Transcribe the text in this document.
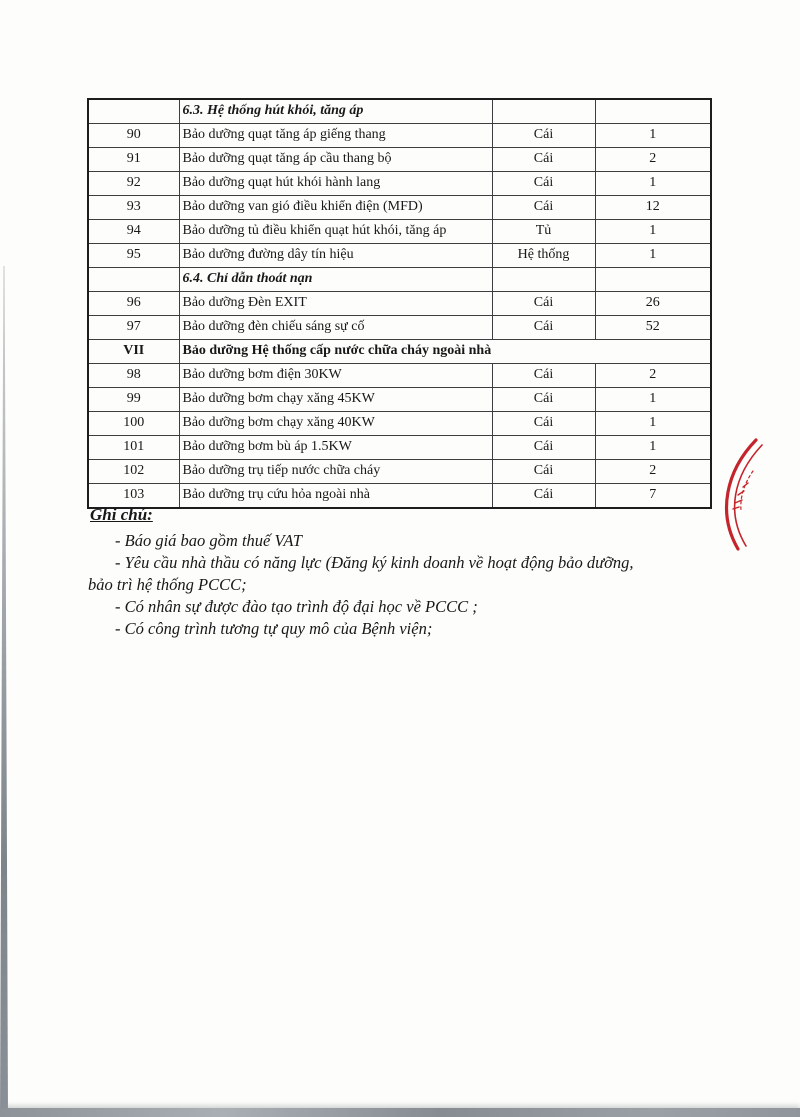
	6.3. Hệ thống hút khói, tăng áp		
90	Bảo dưỡng quạt tăng áp giếng thang	Cái	1
91	Bảo dưỡng quạt tăng áp cầu thang bộ	Cái	2
92	Bảo dưỡng quạt hút khói hành lang	Cái	1
93	Bảo dưỡng van gió điều khiển điện (MFD)	Cái	12
94	Bảo dưỡng tủ điều khiển quạt hút khói, tăng áp	Tủ	1
95	Bảo dưỡng đường dây tín hiệu	Hệ thống	1
	6.4. Chỉ dẫn thoát nạn		
96	Bảo dưỡng Đèn EXIT	Cái	26
97	Bảo dưỡng đèn chiếu sáng sự cố	Cái	52
VII	Bảo dưỡng Hệ thống cấp nước chữa cháy ngoài nhà		
98	Bảo dưỡng bơm điện 30KW	Cái	2
99	Bảo dưỡng bơm chạy xăng 45KW	Cái	1
100	Bảo dưỡng bơm chạy xăng 40KW	Cái	1
101	Bảo dưỡng bơm bù áp 1.5KW	Cái	1
102	Bảo dưỡng trụ tiếp nước chữa cháy	Cái	2
103	Bảo dưỡng trụ cứu hỏa ngoài nhà	Cái	7
Ghi chú:
- Báo giá bao gồm thuế VAT
- Yêu cầu nhà thầu có năng lực (Đăng ký kinh doanh về hoạt động bảo dưỡng,
bảo trì hệ thống PCCC;
- Có nhân sự được đào tạo trình độ đại học về PCCC ;
- Có công trình tương tự quy mô của Bệnh viện;
